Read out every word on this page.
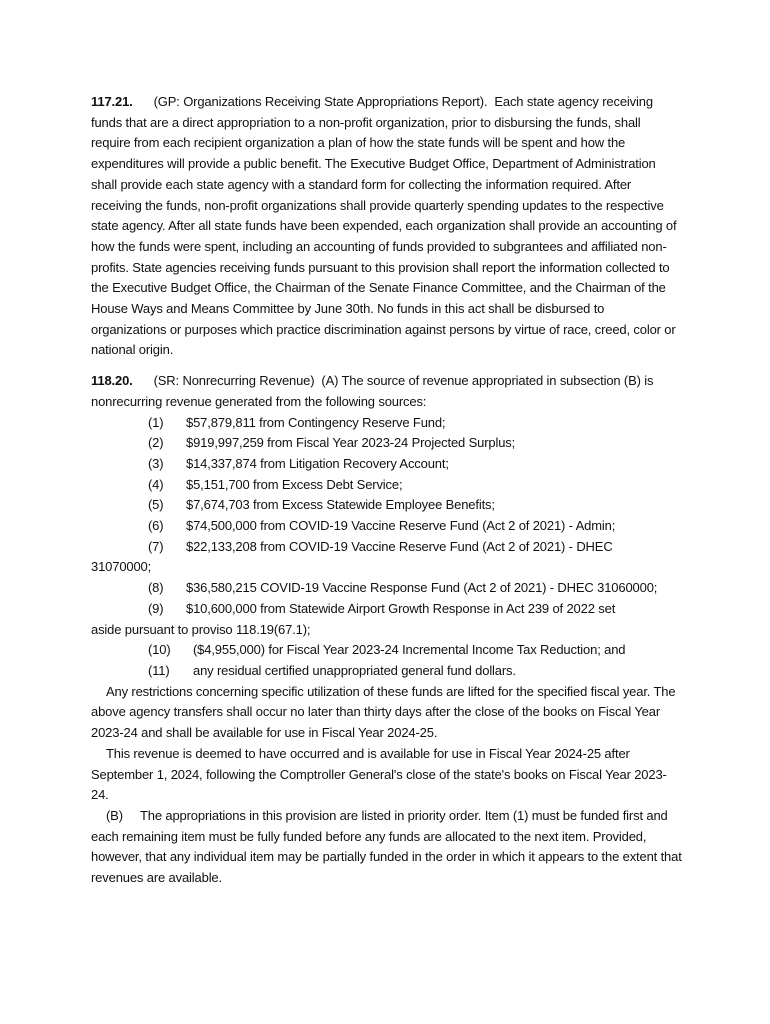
117.21. (GP: Organizations Receiving State Appropriations Report). Each state agency receiving funds that are a direct appropriation to a non-profit organization, prior to disbursing the funds, shall require from each recipient organization a plan of how the state funds will be spent and how the expenditures will provide a public benefit. The Executive Budget Office, Department of Administration shall provide each state agency with a standard form for collecting the information required. After receiving the funds, non-profit organizations shall provide quarterly spending updates to the respective state agency. After all state funds have been expended, each organization shall provide an accounting of how the funds were spent, including an accounting of funds provided to subgrantees and affiliated non-profits. State agencies receiving funds pursuant to this provision shall report the information collected to the Executive Budget Office, the Chairman of the Senate Finance Committee, and the Chairman of the House Ways and Means Committee by June 30th. No funds in this act shall be disbursed to organizations or purposes which practice discrimination against persons by virtue of race, creed, color or national origin.

118.20. (SR: Nonrecurring Revenue) (A) The source of revenue appropriated in subsection (B) is nonrecurring revenue generated from the following sources:

(1) $57,879,811 from Contingency Reserve Fund;

(2) $919,997,259 from Fiscal Year 2023-24 Projected Surplus;

(3) $14,337,874 from Litigation Recovery Account;

(4) $5,151,700 from Excess Debt Service;

(5) $7,674,703 from Excess Statewide Employee Benefits;

(6) $74,500,000 from COVID-19 Vaccine Reserve Fund (Act 2 of 2021) - Admin;

(7) $22,133,208 from COVID-19 Vaccine Reserve Fund (Act 2 of 2021) - DHEC

31070000;

(8) $36,580,215 COVID-19 Vaccine Response Fund (Act 2 of 2021) - DHEC 31060000;

(9) $10,600,000 from Statewide Airport Growth Response in Act 239 of 2022 set

aside pursuant to proviso 118.19(67.1);

(10) ($4,955,000) for Fiscal Year 2023-24 Incremental Income Tax Reduction; and

(11) any residual certified unappropriated general fund dollars.

Any restrictions concerning specific utilization of these funds are lifted for the specified fiscal year. The above agency transfers shall occur no later than thirty days after the close of the books on Fiscal Year 2023-24 and shall be available for use in Fiscal Year 2024-25.

This revenue is deemed to have occurred and is available for use in Fiscal Year 2024-25 after September 1, 2024, following the Comptroller General's close of the state's books on Fiscal Year 2023-24.

(B) The appropriations in this provision are listed in priority order. Item (1) must be funded first and each remaining item must be fully funded before any funds are allocated to the next item. Provided, however, that any individual item may be partially funded in the order in which it appears to the extent that revenues are available.
